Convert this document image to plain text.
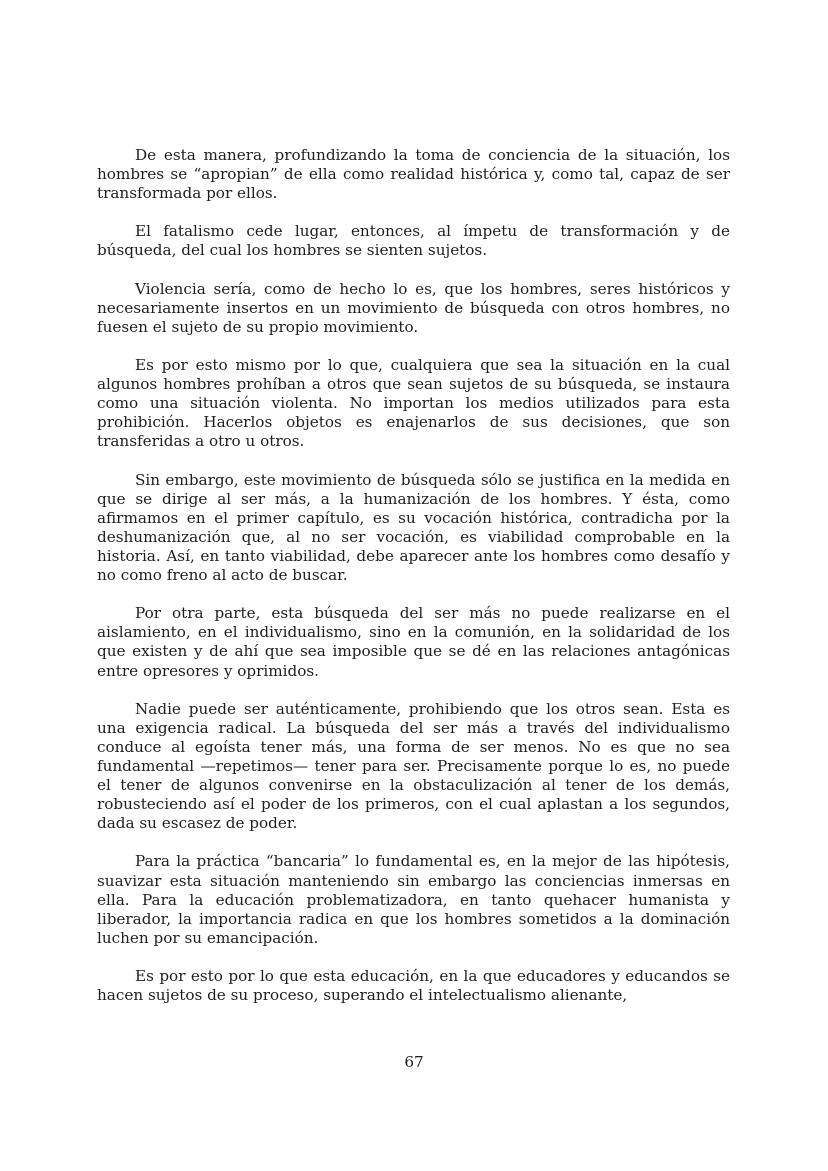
De esta manera, profundizando la toma de conciencia de la situación, los hombres se “apropian” de ella como realidad histórica y, como tal, capaz de ser transformada por ellos.

El fatalismo cede lugar, entonces, al ímpetu de transformación y de búsqueda, del cual los hombres se sienten sujetos.

Violencia sería, como de hecho lo es, que los hombres, seres históricos y necesariamente insertos en un movimiento de búsqueda con otros hombres, no fuesen el sujeto de su propio movimiento.

Es por esto mismo por lo que, cualquiera que sea la situación en la cual algunos hombres prohíban a otros que sean sujetos de su búsqueda, se instaura como una situación violenta. No importan los medios utilizados para esta prohibición. Hacerlos objetos es enajenarlos de sus decisiones, que son transferidas a otro u otros.

Sin embargo, este movimiento de búsqueda sólo se justifica en la medida en que se dirige al ser más, a la humanización de los hombres. Y ésta, como afirmamos en el primer capítulo, es su vocación histórica, contradicha por la deshumanización que, al no ser vocación, es viabilidad comprobable en la historia. Así, en tanto viabilidad, debe aparecer ante los hombres como desafío y no como freno al acto de buscar.

Por otra parte, esta búsqueda del ser más no puede realizarse en el aislamiento, en el individualismo, sino en la comunión, en la solidaridad de los que existen y de ahí que sea imposible que se dé en las relaciones antagónicas entre opresores y oprimidos.

Nadie puede ser auténticamente, prohibiendo que los otros sean. Esta es una exigencia radical. La búsqueda del ser más a través del individualismo conduce al egoísta tener más, una forma de ser menos. No es que no sea fundamental —repetimos— tener para ser. Precisamente porque lo es, no puede el tener de algunos convenirse en la obstaculización al tener de los demás, robusteciendo así el poder de los primeros, con el cual aplastan a los segundos, dada su escasez de poder.

Para la práctica “bancaria” lo fundamental es, en la mejor de las hipótesis, suavizar esta situación manteniendo sin embargo las conciencias inmersas en ella. Para la educación problematizadora, en tanto quehacer humanista y liberador, la importancia radica en que los hombres sometidos a la dominación luchen por su emancipación.

Es por esto por lo que esta educación, en la que educadores y educandos se hacen sujetos de su proceso, superando el intelectualismo alienante,

67
